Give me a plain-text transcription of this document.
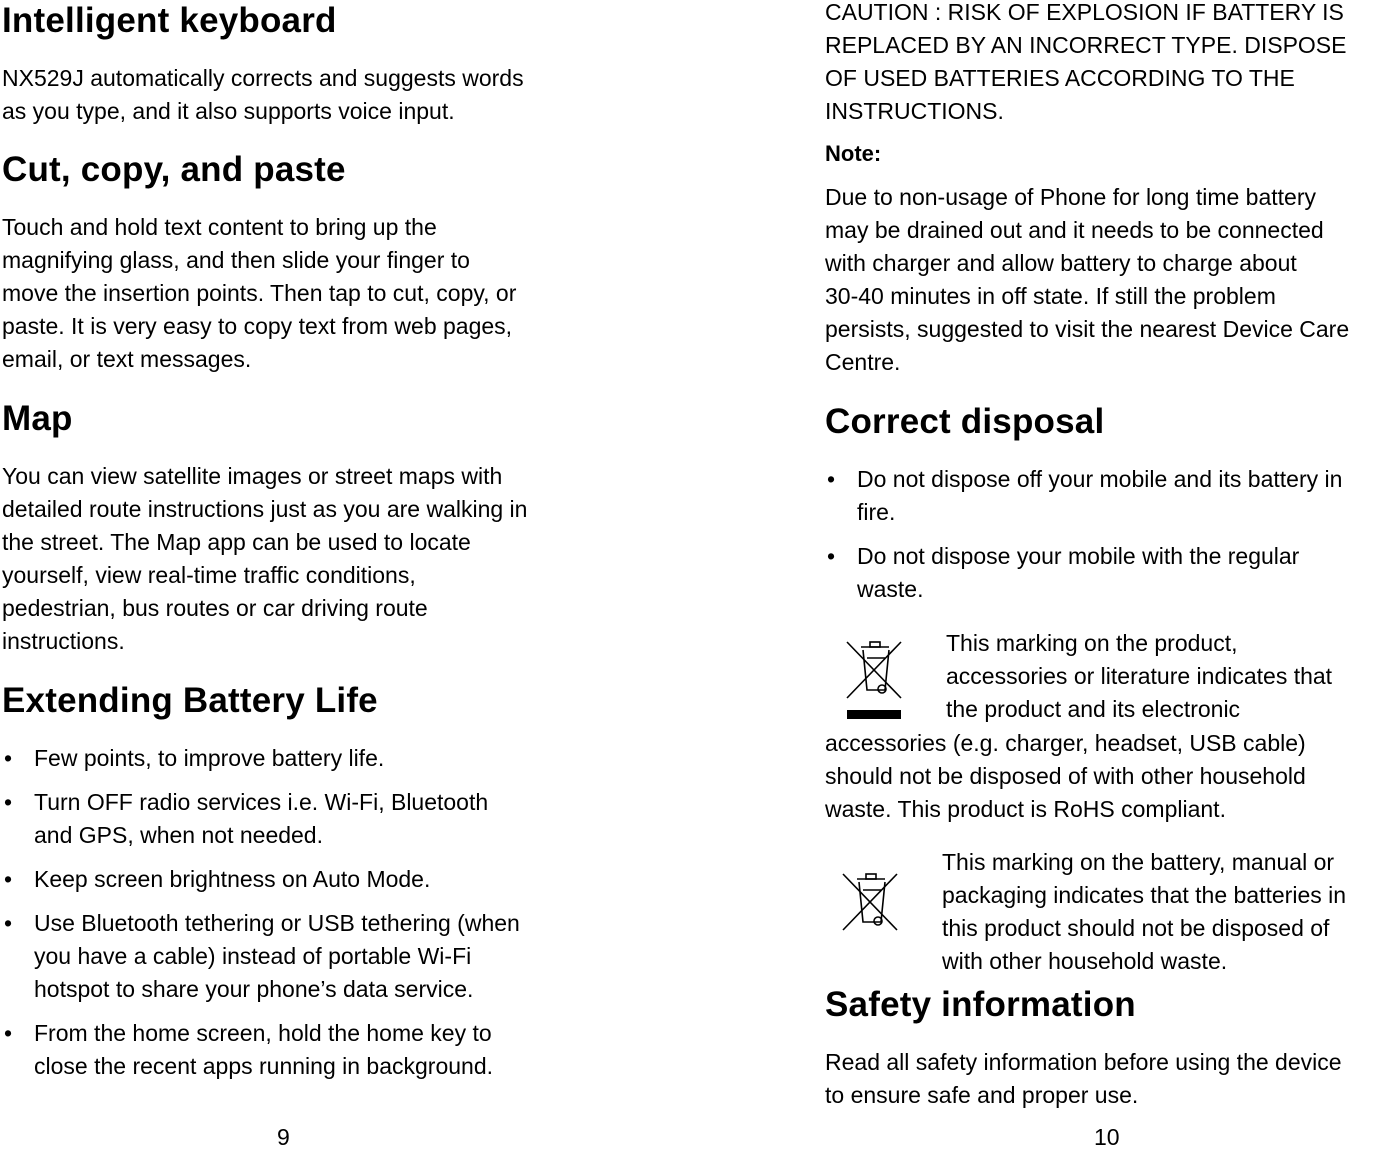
Intelligent keyboard

NX529J automatically corrects and suggests words

as you type, and it also supports voice input.

Cut, copy, and paste

Touch and hold text content to bring up the

magnifying glass, and then slide your finger to

move the insertion points. Then tap to cut, copy, or

paste. It is very easy to copy text from web pages,

email, or text messages.

Map

You can view satellite images or street maps with

detailed route instructions just as you are walking in

the street. The Map app can be used to locate

yourself, view real-time traffic conditions,

pedestrian, bus routes or car driving route

instructions.

Extending Battery Life
• Few points, to improve battery life.
• Turn OFF radio services i.e. Wi-Fi, Bluetooth
and GPS, when not needed.
• Keep screen brightness on Auto Mode.
• Use Bluetooth tethering or USB tethering (when
you have a cable) instead of portable Wi-Fi
hotspot to share your phone’s data service.
• From the home screen, hold the home key to
close the recent apps running in background.
9

CAUTION : RISK OF EXPLOSION IF BATTERY IS

REPLACED BY AN INCORRECT TYPE. DISPOSE

OF USED BATTERIES ACCORDING TO THE

INSTRUCTIONS.

Note:

Due to non-usage of Phone for long time battery

may be drained out and it needs to be connected

with charger and allow battery to charge about

30-40 minutes in off state. If still the problem

persists, suggested to visit the nearest Device Care

Centre.

Correct disposal
• Do not dispose off your mobile and its battery in
fire.
• Do not dispose your mobile with the regular
waste.

This marking on the product,

accessories or literature indicates that

the product and its electronic

accessories (e.g. charger, headset, USB cable)

should not be disposed of with other household

waste. This product is RoHS compliant.

This marking on the battery, manual or

packaging indicates that the batteries in

this product should not be disposed of

with other household waste.

Safety information

Read all safety information before using the device

to ensure safe and proper use.

10
